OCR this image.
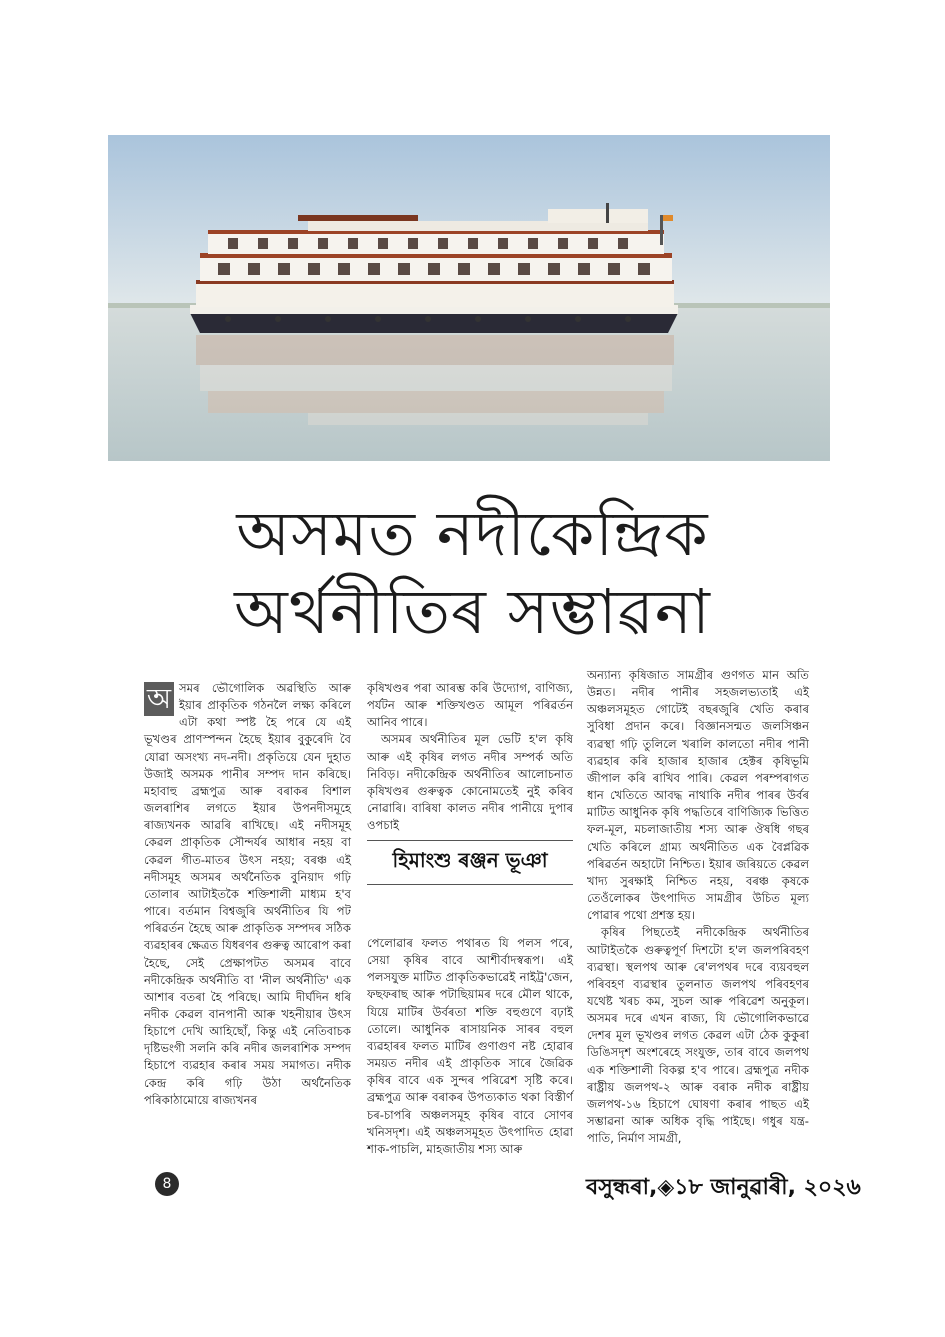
অসমত নদীকেন্দ্ৰিক
অৰ্থনীতিৰ সম্ভাৱনা
অ সমৰ ভৌগোলিক অৱস্থিতি আৰু ইয়াৰ প্ৰাকৃতিক গঠনলৈ লক্ষ্য কৰিলে এটা কথা স্পষ্ট হৈ পৰে যে এই ভূখণ্ডৰ প্ৰাণস্পন্দন হৈছে ইয়াৰ বুকুৰেদি বৈ যোৱা অসংখ্য নদ-নদী। প্ৰকৃতিয়ে যেন দুহাত উজাই অসমক পানীৰ সম্পদ দান কৰিছে। মহাবাহু ব্ৰহ্মপুত্ৰ আৰু বৰাকৰ বিশাল জলৰাশিৰ লগতে ইয়াৰ উপনদীসমূহে ৰাজ্যখনক আৱৰি ৰাখিছে। এই নদীসমূহ কেৱল প্ৰাকৃতিক সৌন্দৰ্যৰ আধাৰ নহয় বা কেৱল গীত-মাতৰ উৎস নহয়; বৰঞ্চ এই নদীসমূহ অসমৰ অৰ্থনৈতিক বুনিয়াদ গঢ়ি তোলাৰ আটাইতকৈ শক্তিশালী মাধ্যম হ'ব পাৰে। বৰ্তমান বিশ্বজুৰি অৰ্থনীতিৰ যি পট পৰিৱৰ্তন হৈছে আৰু প্ৰাকৃতিক সম্পদৰ সঠিক ব্যৱহাৰৰ ক্ষেত্ৰত যিধৰণৰ গুৰুত্ব আৰোপ কৰা হৈছে, সেই প্ৰেক্ষাপটত অসমৰ বাবে নদীকেন্দ্ৰিক অৰ্থনীতি বা 'নীল অৰ্থনীতি' এক আশাৰ বতৰা হৈ পৰিছে। আমি দীৰ্ঘদিন ধৰি নদীক কেৱল বানপানী আৰু খহনীয়াৰ উৎস হিচাপে দেখি আহিছোঁ, কিন্তু এই নেতিবাচক দৃষ্টিভংগী সলনি কৰি নদীৰ জলৰাশিক সম্পদ হিচাপে ব্যৱহাৰ কৰাৰ সময় সমাগত। নদীক কেন্দ্ৰ কৰি গঢ়ি উঠা অৰ্থনৈতিক পৰিকাঠামোয়ে ৰাজ্যখনৰ

কৃষিখণ্ডৰ পৰা আৰম্ভ কৰি উদ্যোগ, বাণিজ্য, পৰ্যটন আৰু শক্তিখণ্ডত আমূল পৰিৱৰ্তন আনিব পাৰে।

অসমৰ অৰ্থনীতিৰ মূল ভেটি হ'ল কৃষি আৰু এই কৃষিৰ লগত নদীৰ সম্পৰ্ক অতি নিবিড়। নদীকেন্দ্ৰিক অৰ্থনীতিৰ আলোচনাত কৃষিখণ্ডৰ গুৰুত্বক কোনোমতেই নুই কৰিব নোৱাৰি। বাৰিষা কালত নদীৰ পানীয়ে দুপাৰ ওপচাই

হিমাংশু ৰঞ্জন ভূঞা

পেলোৱাৰ ফলত পথাৰত যি পলস পৰে, সেয়া কৃষিৰ বাবে আশীৰ্বাদস্বৰূপ। এই পলসযুক্ত মাটিত প্ৰাকৃতিকভাৱেই নাইট্ৰ'জেন, ফছফৰাছ আৰু পটাছিয়ামৰ দৰে মৌল থাকে, যিয়ে মাটিৰ উৰ্বৰতা শক্তি বহুগুণে বঢ়াই তোলে। আধুনিক ৰাসায়নিক সাৰৰ বহুল ব্যৱহাৰৰ ফলত মাটিৰ গুণাগুণ নষ্ট হোৱাৰ সময়ত নদীৰ এই প্ৰাকৃতিক সাৰে জৈৱিক কৃষিৰ বাবে এক সুন্দৰ পৰিৱেশ সৃষ্টি কৰে। ব্ৰহ্মপুত্ৰ আৰু বৰাকৰ উপত্যকাত থকা বিস্তীৰ্ণ চৰ-চাপৰি অঞ্চলসমূহ কৃষিৰ বাবে সোণৰ খনিসদৃশ। এই অঞ্চলসমূহত উৎপাদিত হোৱা শাক-পাচলি, মাহজাতীয় শস্য আৰু

অন্যান্য কৃষিজাত সামগ্ৰীৰ গুণগত মান অতি উন্নত। নদীৰ পানীৰ সহজলভ্যতাই এই অঞ্চলসমূহত গোটেই বছৰজুৰি খেতি কৰাৰ সুবিধা প্ৰদান কৰে। বিজ্ঞানসন্মত জলসিঞ্চন ব্যৱস্থা গঢ়ি তুলিলে খৰালি কালতো নদীৰ পানী ব্যৱহাৰ কৰি হাজাৰ হাজাৰ হেক্টৰ কৃষিভূমি জীপাল কৰি ৰাখিব পাৰি। কেৱল পৰম্পৰাগত ধান খেতিতে আবদ্ধ নাথাকি নদীৰ পাৰৰ উৰ্বৰ মাটিত আধুনিক কৃষি পদ্ধতিৰে বাণিজ্যিক ভিত্তিত ফল-মূল, মচলাজাতীয় শস্য আৰু ঔষধি গছৰ খেতি কৰিলে গ্ৰাম্য অৰ্থনীতিত এক বৈপ্লৱিক পৰিৱৰ্তন অহাটো নিশ্চিত। ইয়াৰ জৰিয়তে কেৱল খাদ্য সুৰক্ষাই নিশ্চিত নহয়, বৰঞ্চ কৃষকে তেওঁলোকৰ উৎপাদিত সামগ্ৰীৰ উচিত মূল্য পোৱাৰ পথো প্ৰশস্ত হয়।

কৃষিৰ পিছতেই নদীকেন্দ্ৰিক অৰ্থনীতিৰ আটাইতকৈ গুৰুত্বপূৰ্ণ দিশটো হ'ল জলপৰিবহণ ব্যৱস্থা। স্থলপথ আৰু ৰে'লপথৰ দৰে ব্যয়বহুল পৰিবহণ ব্যৱস্থাৰ তুলনাত জলপথ পৰিবহণৰ যথেষ্ট খৰচ কম, সুচল আৰু পৰিৱেশ অনুকূল। অসমৰ দৰে এখন ৰাজ্য, যি ভৌগোলিকভাৱে দেশৰ মূল ভূখণ্ডৰ লগত কেৱল এটা ঠেক কুকুৰা ডিঙিসদৃশ অংশৰেহে সংযুক্ত, তাৰ বাবে জলপথ এক শক্তিশালী বিকল্প হ'ব পাৰে। ব্ৰহ্মপুত্ৰ নদীক ৰাষ্ট্ৰীয় জলপথ-২ আৰু বৰাক নদীক ৰাষ্ট্ৰীয় জলপথ-১৬ হিচাপে ঘোষণা কৰাৰ পাছত এই সম্ভাৱনা আৰু অধিক বৃদ্ধি পাইছে। গধুৰ যন্ত্ৰ-পাতি, নিৰ্মাণ সামগ্ৰী,

8	বসুন্ধৰা,◈১৮ জানুৱাৰী, ২০২৬
